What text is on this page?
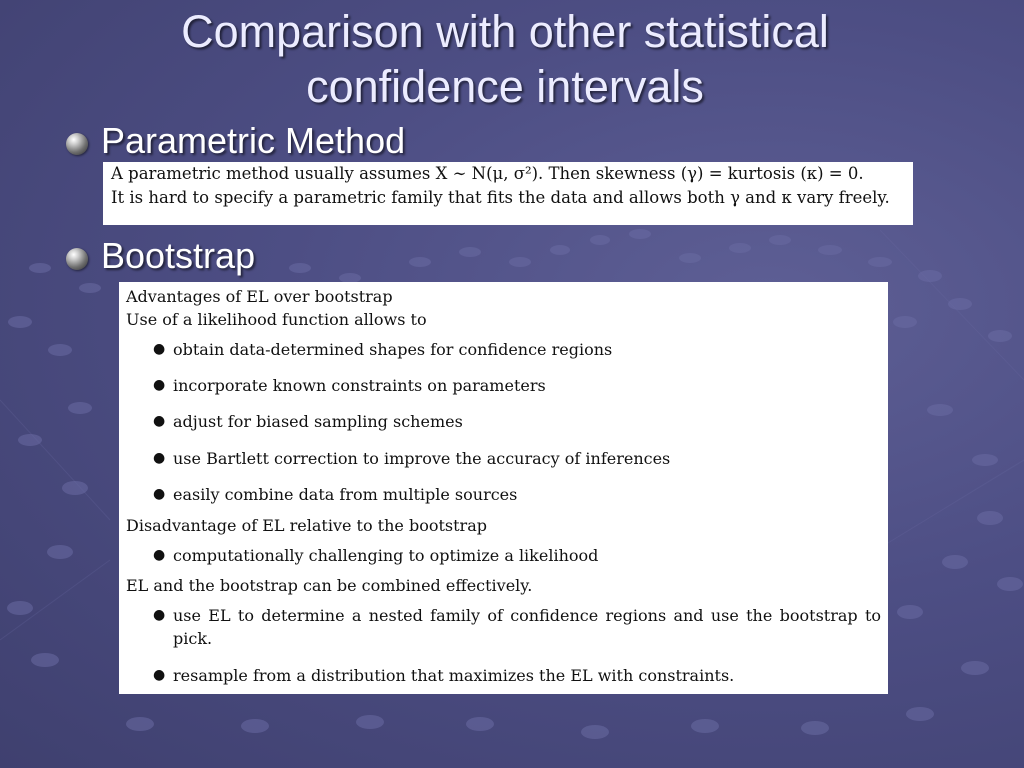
Comparison with other statistical
confidence intervals
Parametric Method
A parametric method usually assumes X ∼ N(μ, σ²). Then skewness (γ) = kurtosis (κ) = 0.
It is hard to specify a parametric family that fits the data and allows both γ and κ vary freely.
Bootstrap
Advantages of EL over bootstrap
Use of a likelihood function allows to
● obtain data-determined shapes for confidence regions
● incorporate known constraints on parameters
● adjust for biased sampling schemes
● use Bartlett correction to improve the accuracy of inferences
● easily combine data from multiple sources
Disadvantage of EL relative to the bootstrap
● computationally challenging to optimize a likelihood
EL and the bootstrap can be combined effectively.
● use EL to determine a nested family of confidence regions and use the bootstrap to pick.
● resample from a distribution that maximizes the EL with constraints.
